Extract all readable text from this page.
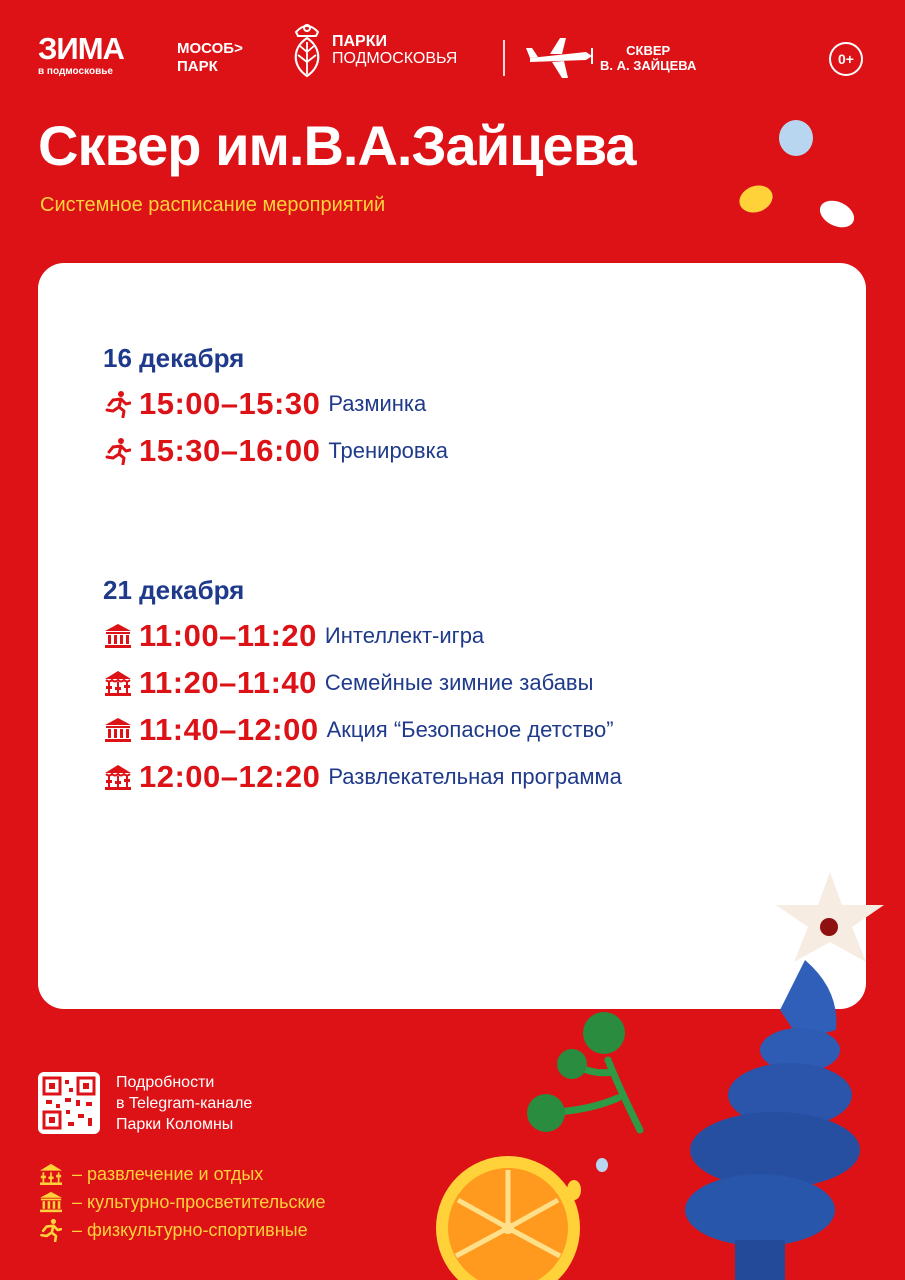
ЗИМА
в подмосковье
МОСОБ>
ПАРК
ПАРКИ
ПОДМОСКОВЬЯ	СКВЕР
В. А. ЗАЙЦЕВА	0+
Сквер им.В.А.Зайцева

Системное расписание мероприятий

16 декабря
15:00–15:30 Разминка
15:30–16:00 Тренировка
21 декабря
11:00–11:20 Интеллект-игра
11:20–11:40 Семейные зимние забавы
11:40–12:00 Акция “Безопасное детство”
12:00–12:20 Развлекательная программа
Подробности
в Telegram-канале
Парки Коломны
– развлечение и отдых
– культурно-просветительские
– физкультурно-спортивные
